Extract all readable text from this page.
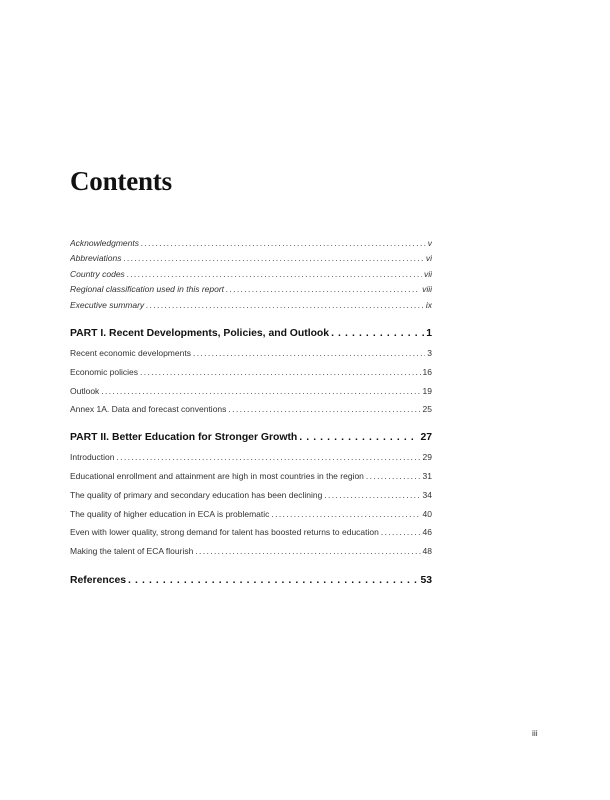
Contents
Acknowledgments . . .	v
Abbreviations . . .	vi
Country codes . . .	vii
Regional classification used in this report . . .	viii
Executive summary . . .	ix
PART I. Recent Developments, Policies, and Outlook . . .	1
Recent economic developments . . .	3
Economic policies . . .	16
Outlook . . .	19
Annex 1A. Data and forecast conventions . . .	25
PART II. Better Education for Stronger Growth . . .	27
Introduction . . .	29
Educational enrollment and attainment are high in most countries in the region . . .	31
The quality of primary and secondary education has been declining . . .	34
The quality of higher education in ECA is problematic . . .	40
Even with lower quality, strong demand for talent has boosted returns to education . . .	46
Making the talent of ECA flourish . . .	48
References . . .	53
iii
